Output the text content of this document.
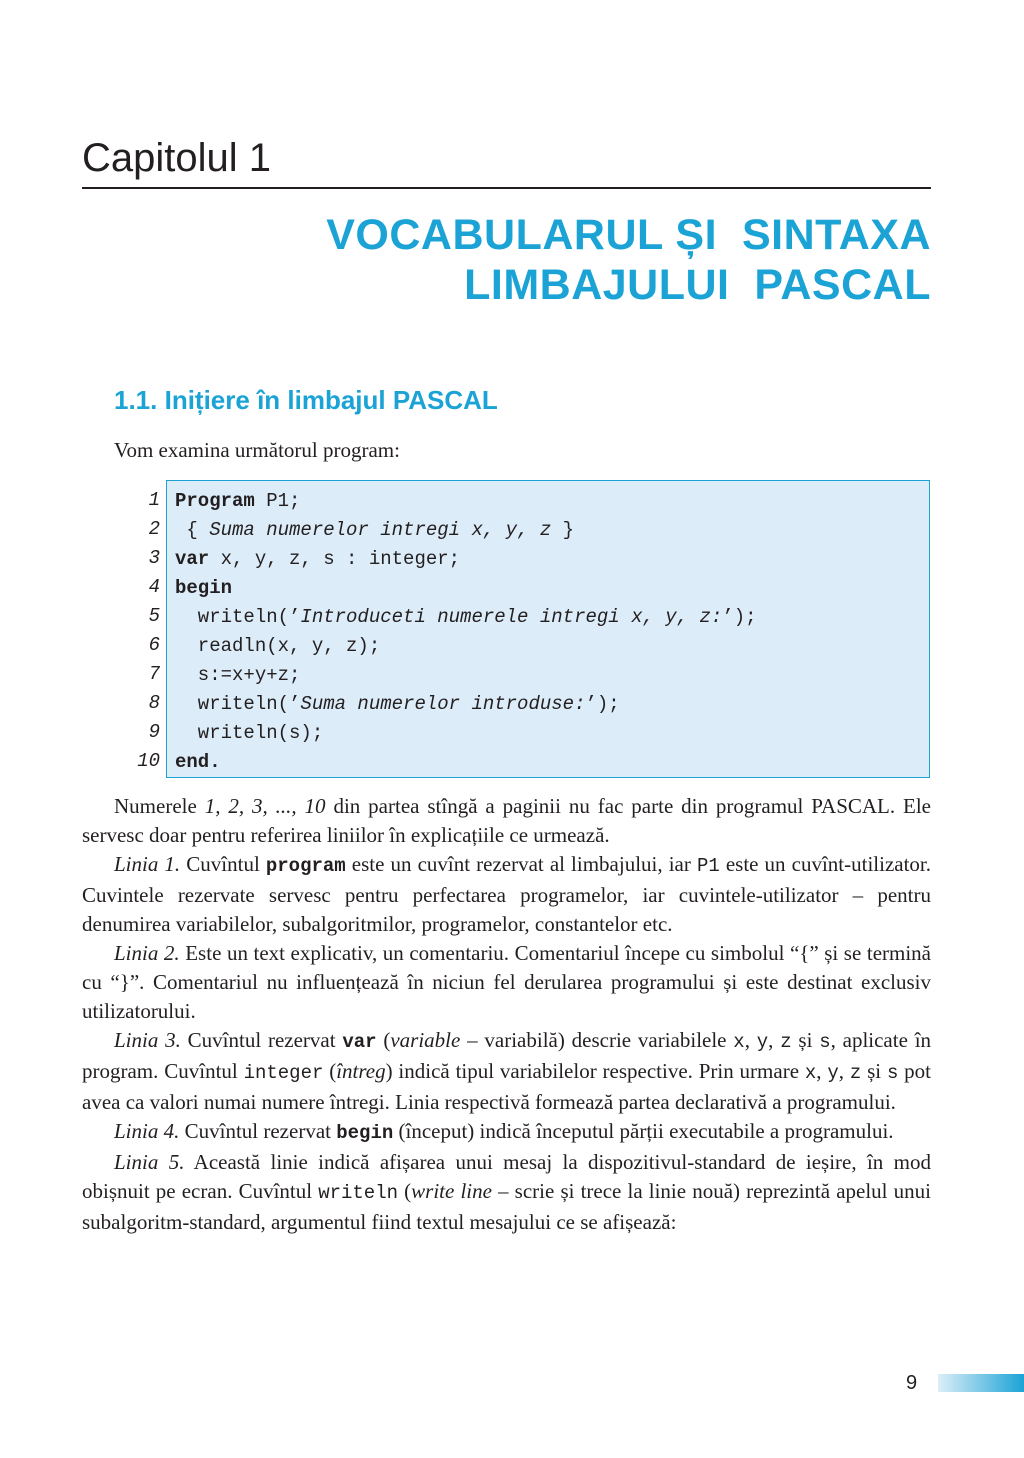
Capitolul 1
VOCABULARUL ȘI  SINTAXA
LIMBAJULUI  PASCAL
1.1. Inițiere în limbajul PASCAL
Vom examina următorul program:
1
2
3
4
5
6
7
8
9
10
Program P1;
{ Suma numerelor intregi x, y, z }
var x, y, z, s : integer;
begin
writeln(’Introduceti numerele intregi x, y, z:’);
readln(x, y, z);
s:=x+y+z;
writeln(’Suma numerelor introduse:’);
writeln(s);
end.

Numerele 1, 2, 3, ..., 10 din partea stîngă a paginii nu fac parte din programul PASCAL. Ele servesc doar pentru referirea liniilor în explicațiile ce urmează.

Linia 1. Cuvîntul program este un cuvînt rezervat al limbajului, iar P1 este un cuvînt-utilizator. Cuvintele rezervate servesc pentru perfectarea programelor, iar cuvintele-utilizator – pentru denumirea variabilelor, subalgoritmilor, programelor, constantelor etc.

Linia 2. Este un text explicativ, un comentariu. Comentariul începe cu simbolul “{” și se termină cu “}”. Comentariul nu influențează în niciun fel derularea programului și este destinat exclusiv utilizatorului.

Linia 3. Cuvîntul rezervat var (variable – variabilă) descrie variabilele x, y, z și s, aplicate în program. Cuvîntul integer (întreg) indică tipul variabilelor respective. Prin urmare x, y, z și s pot avea ca valori numai numere întregi. Linia respectivă formează partea declarativă a programului.

Linia 4. Cuvîntul rezervat begin (început) indică începutul părții executabile a programului.

Linia 5. Această linie indică afișarea unui mesaj la dispozitivul-standard de ieșire, în mod obișnuit pe ecran. Cuvîntul writeln (write line – scrie și trece la linie nouă) reprezintă apelul unui subalgoritm-standard, argumentul fiind textul mesajului ce se afișează:

9
